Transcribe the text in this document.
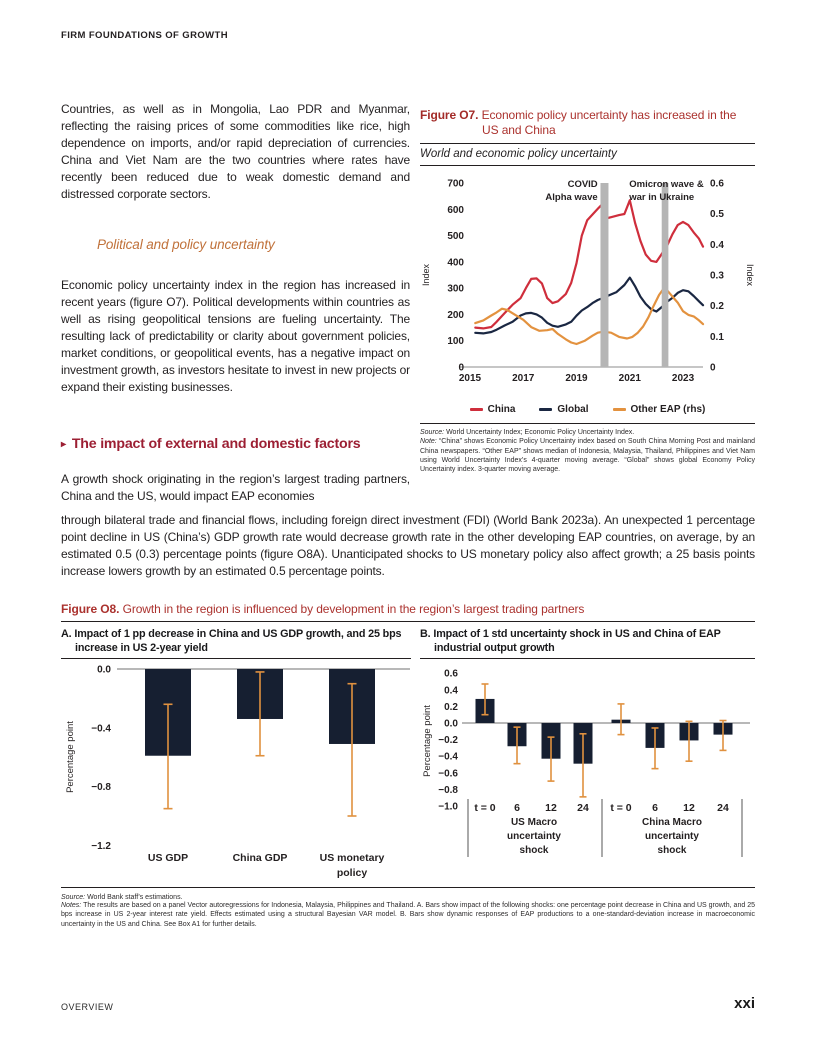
FIRM FOUNDATIONS OF GROWTH
Countries, as well as in Mongolia, Lao PDR and Myanmar, reflecting the raising prices of some commodities like rice, high dependence on imports, and/or rapid depreciation of currencies. China and Viet Nam are the two countries where rates have recently been reduced due to weak domestic demand and distressed corporate sectors.
Political and policy uncertainty
Economic policy uncertainty index in the region has increased in recent years (figure O7). Political developments within countries as well as rising geopolitical tensions are fueling uncertainty. The resulting lack of predictability or clarity about government policies, market conditions, or geopolitical events, has a negative impact on investment growth, as investors hesitate to invest in new projects or expand their existing businesses.
▸ The impact of external and domestic factors
A growth shock originating in the region’s largest trading partners, China and the US, would impact EAP economies
through bilateral trade and financial flows, including foreign direct investment (FDI) (World Bank 2023a). An unexpected 1 percentage point decline in US (China’s) GDP growth rate would decrease growth rate in the other developing EAP countries, on average, by an estimated 0.5 (0.3) percentage points (figure O8A). Unanticipated shocks to US monetary policy also affect growth; a 25 basis points increase lowers growth by an estimated 0.5 percentage points.

Figure O7. Economic policy uncertainty has increased in the US and China

World and economic policy uncertainty

2015	2017	2019	2021	2023
0
100
200
300
400
500
600
700
0
0.1
0.2
0.3
0.4
0.5
0.6
Index	Index
COVID
Alpha wave
Omicron wave &
war in Ukraine
China	Global	Other EAP (rhs)

Source: World Uncertainty Index; Economic Policy Uncertainty Index.

Note: “China” shows Economic Policy Uncertainty index based on South China Morning Post and mainland China newspapers. “Other EAP” shows median of Indonesia, Malaysia, Thailand, Philippines and Viet Nam using World Uncertainty Index’s 4-quarter moving average. “Global” shows global Economy Policy Uncertainty index. 3-quarter moving average.

Figure O8. Growth in the region is influenced by development in the region’s largest trading partners

A. Impact of 1 pp decrease in China and US GDP growth, and 25 bps increase in US 2-year yield
B. Impact of 1 std uncertainty shock in US and China of EAP industrial output growth
0.0
−0.4
−0.8
−1.2
Percentage point
US GDP	China GDP	US monetary
policy
0.6
0.4
0.2
0.0
−0.2
−0.4
−0.6
−0.8
−1.0
Percentage point
t = 0 6 12 24 t = 0 6 12 24
US Macro
uncertainty
shock
China Macro
uncertainty
shock

Source: World Bank staff’s estimations.

Notes: The results are based on a panel Vector autoregressions for Indonesia, Malaysia, Philippines and Thailand. A. Bars show impact of the following shocks: one percentage point decrease in China and US growth, and 25 bps increase in US 2-year interest rate yield. Effects estimated using a structural Bayesian VAR model. B. Bars show dynamic responses of EAP productions to a one-standard-deviation increase in macroeconomic uncertainty in the US and China. See Box A1 for further details.

OVERVIEW	xxi
